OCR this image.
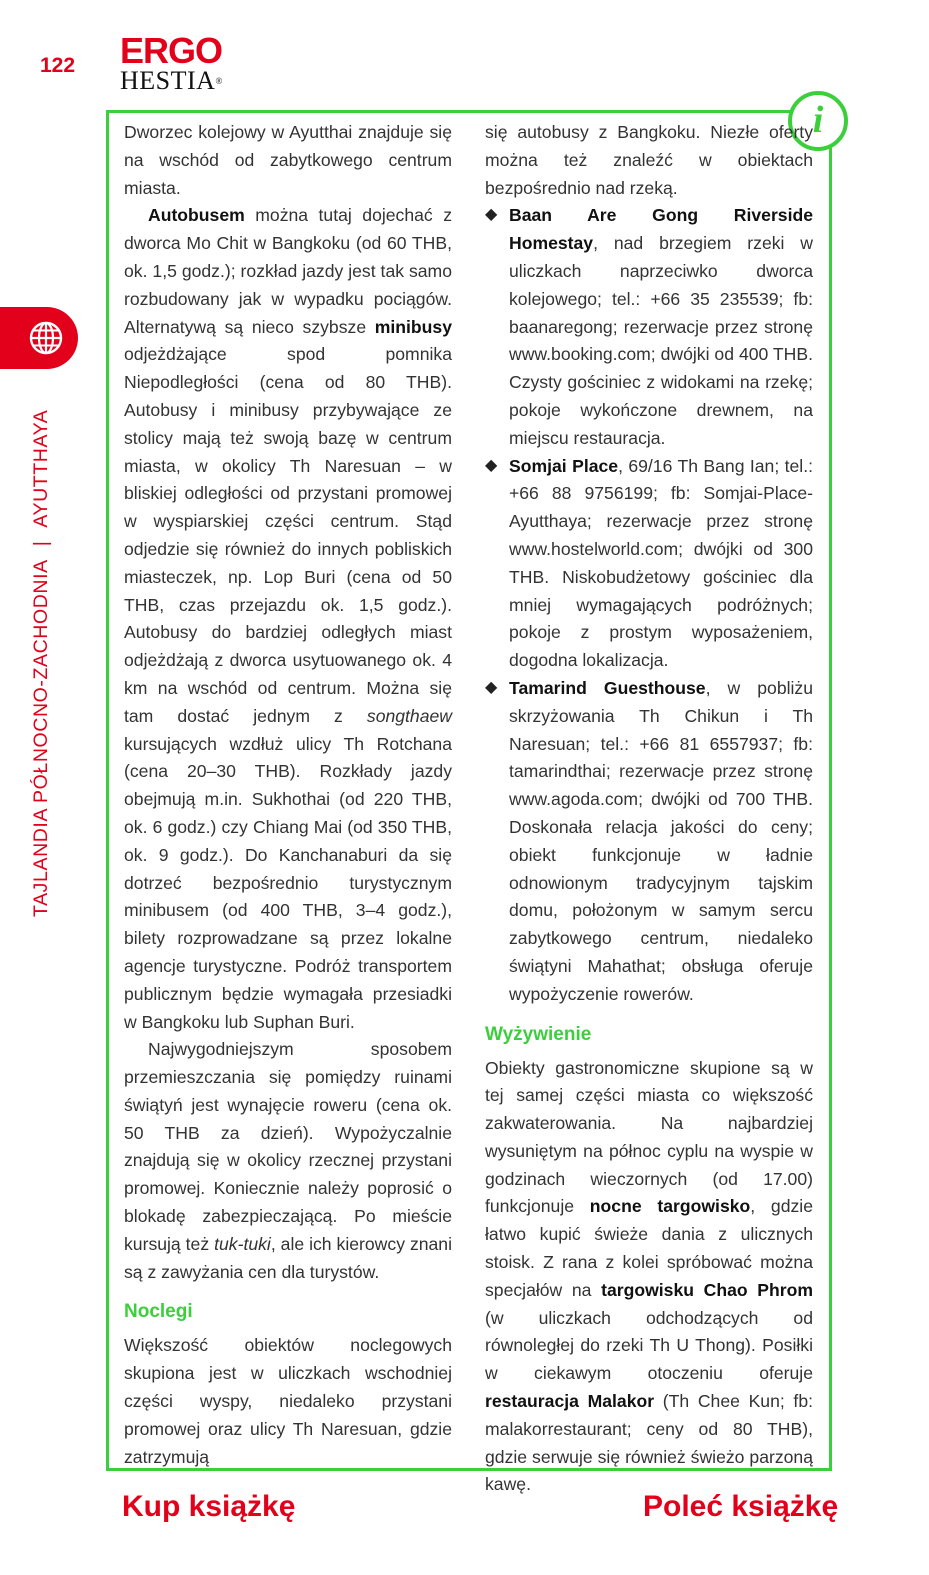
122 ERGO
HESTIA®
TAJLANDIA PÓŁNOCNO-ZACHODNIA | AYUTTHAYA
i

Dworzec kolejowy w Ayutthai znajduje się na wschód od zabytkowego centrum miasta.

Autobusem można tutaj dojechać z dworca Mo Chit w Bangkoku (od 60 THB, ok. 1,5 godz.); rozkład jazdy jest tak samo rozbudowany jak w wypadku pociągów. Alternatywą są nieco szybsze minibusy odjeżdżające spod pomnika Niepodległości (cena od 80 THB). Autobusy i minibusy przybywające ze stolicy mają też swoją bazę w centrum miasta, w okolicy Th Naresuan – w bliskiej odległości od przystani promowej w wyspiarskiej części centrum. Stąd odjedzie się również do innych pobliskich miasteczek, np. Lop Buri (cena od 50 THB, czas przejazdu ok. 1,5 godz.). Autobusy do bardziej odległych miast odjeżdżają z dworca usytuowanego ok. 4 km na wschód od centrum. Można się tam dostać jednym z songthaew kursujących wzdłuż ulicy Th Rotchana (cena 20–30 THB). Rozkłady jazdy obejmują m.in. Sukhothai (od 220 THB, ok. 6 godz.) czy Chiang Mai (od 350 THB, ok. 9 godz.). Do Kanchanaburi da się dotrzeć bezpośrednio turystycznym minibusem (od 400 THB, 3–4 godz.), bilety rozprowadzane są przez lokalne agencje turystyczne. Podróż transportem publicznym będzie wymagała przesiadki w Bangkoku lub Suphan Buri.

Najwygodniejszym sposobem przemieszczania się pomiędzy ruinami świątyń jest wynajęcie roweru (cena ok. 50 THB za dzień). Wypożyczalnie znajdują się w okolicy rzecznej przystani promowej. Koniecznie należy poprosić o blokadę zabezpieczającą. Po mieście kursują też tuk-tuki, ale ich kierowcy znani są z zawyżania cen dla turystów.

Noclegi

Większość obiektów noclegowych skupiona jest w uliczkach wschodniej części wyspy, niedaleko przystani promowej oraz ulicy Th Naresuan, gdzie zatrzymują

się autobusy z Bangkoku. Niezłe oferty można też znaleźć w obiektach bezpośrednio nad rzeką.

◆ Baan Are Gong Riverside Homestay, nad brzegiem rzeki w uliczkach naprzeciwko dworca kolejowego; tel.: +66 35 235539; fb: baanaregong; rezerwacje przez stronę www.booking.com; dwójki od 400 THB. Czysty gościniec z widokami na rzekę; pokoje wykończone drewnem, na miejscu restauracja.
◆ Somjai Place, 69/16 Th Bang Ian; tel.: +66 88 9756199; fb: Somjai-Place-Ayutthaya; rezerwacje przez stronę www.hostelworld.com; dwójki od 300 THB. Niskobudżetowy gościniec dla mniej wymagających podróżnych; pokoje z prostym wyposażeniem, dogodna lokalizacja.
◆ Tamarind Guesthouse, w pobliżu skrzyżowania Th Chikun i Th Naresuan; tel.: +66 81 6557937; fb: tamarindthai; rezerwacje przez stronę www.agoda.com; dwójki od 700 THB. Doskonała relacja jakości do ceny; obiekt funkcjonuje w ładnie odnowionym tradycyjnym tajskim domu, położonym w samym sercu zabytkowego centrum, niedaleko świątyni Mahathat; obsługa oferuje wypożyczenie rowerów.
Wyżywienie

Obiekty gastronomiczne skupione są w tej samej części miasta co większość zakwaterowania. Na najbardziej wysuniętym na północ cyplu na wyspie w godzinach wieczornych (od 17.00) funkcjonuje nocne targowisko, gdzie łatwo kupić świeże dania z ulicznych stoisk. Z rana z kolei spróbować można specjałów na targowisku Chao Phrom (w uliczkach odchodzących od równoległej do rzeki Th U Thong). Posiłki w ciekawym otoczeniu oferuje restauracja Malakor (Th Chee Kun; fb: malakorrestaurant; ceny od 80 THB), gdzie serwuje się również świeżo parzoną kawę.

Kup książkę	Poleć książkę
